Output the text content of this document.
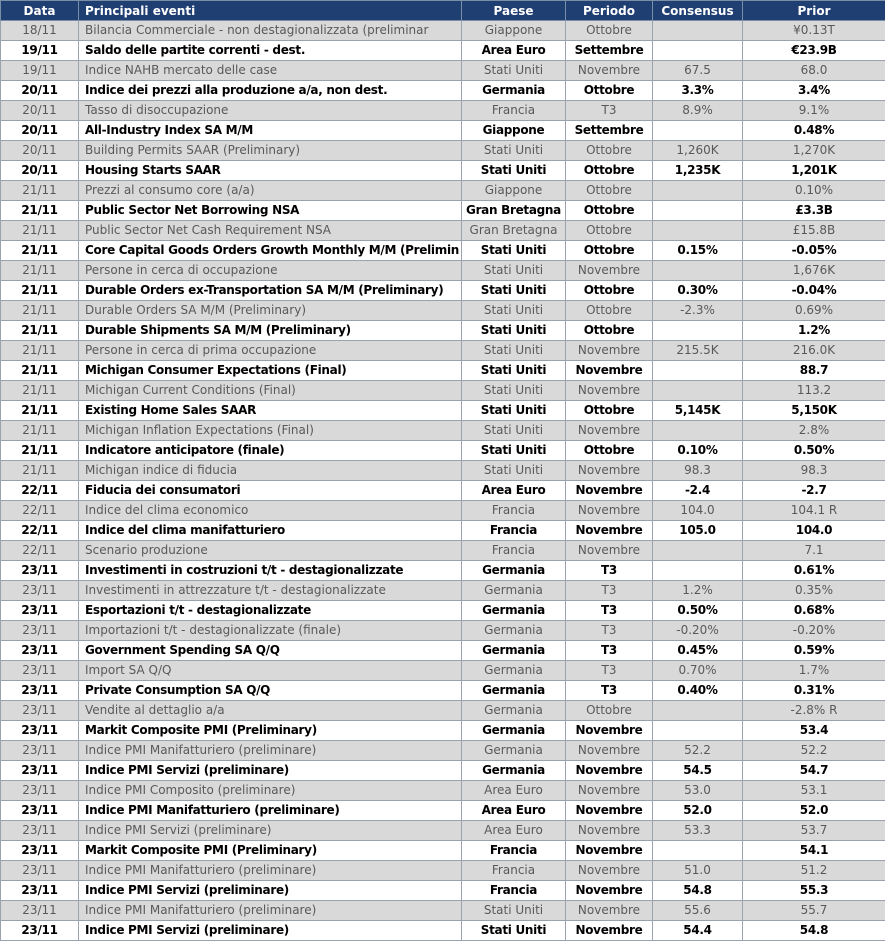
Data	Principali eventi	Paese	Periodo	Consensus	Prior
18/11	Bilancia Commerciale - non destagionalizzata (preliminar	Giappone	Ottobre		¥0.13T
19/11	Saldo delle partite correnti - dest.	Area Euro	Settembre		€23.9B
19/11	Indice NAHB mercato delle case	Stati Uniti	Novembre	67.5	68.0
20/11	Indice dei prezzi alla produzione a/a, non dest.	Germania	Ottobre	3.3%	3.4%
20/11	Tasso di disoccupazione	Francia	T3	8.9%	9.1%
20/11	All-Industry Index SA M/M	Giappone	Settembre		0.48%
20/11	Building Permits SAAR (Preliminary)	Stati Uniti	Ottobre	1,260K	1,270K
20/11	Housing Starts SAAR	Stati Uniti	Ottobre	1,235K	1,201K
21/11	Prezzi al consumo core (a/a)	Giappone	Ottobre		0.10%
21/11	Public Sector Net Borrowing NSA	Gran Bretagna	Ottobre		£3.3B
21/11	Public Sector Net Cash Requirement NSA	Gran Bretagna	Ottobre		£15.8B
21/11	Core Capital Goods Orders Growth Monthly M/M (Prelimin	Stati Uniti	Ottobre	0.15%	-0.05%
21/11	Persone in cerca di occupazione	Stati Uniti	Novembre		1,676K
21/11	Durable Orders ex-Transportation SA M/M (Preliminary)	Stati Uniti	Ottobre	0.30%	-0.04%
21/11	Durable Orders SA M/M (Preliminary)	Stati Uniti	Ottobre	-2.3%	0.69%
21/11	Durable Shipments SA M/M (Preliminary)	Stati Uniti	Ottobre		1.2%
21/11	Persone in cerca di prima occupazione	Stati Uniti	Novembre	215.5K	216.0K
21/11	Michigan Consumer Expectations (Final)	Stati Uniti	Novembre		88.7
21/11	Michigan Current Conditions (Final)	Stati Uniti	Novembre		113.2
21/11	Existing Home Sales SAAR	Stati Uniti	Ottobre	5,145K	5,150K
21/11	Michigan Inflation Expectations (Final)	Stati Uniti	Novembre		2.8%
21/11	Indicatore anticipatore (finale)	Stati Uniti	Ottobre	0.10%	0.50%
21/11	Michigan indice di fiducia	Stati Uniti	Novembre	98.3	98.3
22/11	Fiducia dei consumatori	Area Euro	Novembre	-2.4	-2.7
22/11	Indice del clima economico	Francia	Novembre	104.0	104.1 R
22/11	Indice del clima manifatturiero	Francia	Novembre	105.0	104.0
22/11	Scenario produzione	Francia	Novembre		7.1
23/11	Investimenti in costruzioni t/t - destagionalizzate	Germania	T3		0.61%
23/11	Investimenti in attrezzature t/t - destagionalizzate	Germania	T3	1.2%	0.35%
23/11	Esportazioni t/t - destagionalizzate	Germania	T3	0.50%	0.68%
23/11	Importazioni t/t - destagionalizzate (finale)	Germania	T3	-0.20%	-0.20%
23/11	Government Spending SA Q/Q	Germania	T3	0.45%	0.59%
23/11	Import SA Q/Q	Germania	T3	0.70%	1.7%
23/11	Private Consumption SA Q/Q	Germania	T3	0.40%	0.31%
23/11	Vendite al dettaglio a/a	Germania	Ottobre		-2.8% R
23/11	Markit Composite PMI (Preliminary)	Germania	Novembre		53.4
23/11	Indice PMI Manifatturiero (preliminare)	Germania	Novembre	52.2	52.2
23/11	Indice PMI Servizi (preliminare)	Germania	Novembre	54.5	54.7
23/11	Indice PMI Composito (preliminare)	Area Euro	Novembre	53.0	53.1
23/11	Indice PMI Manifatturiero (preliminare)	Area Euro	Novembre	52.0	52.0
23/11	Indice PMI Servizi (preliminare)	Area Euro	Novembre	53.3	53.7
23/11	Markit Composite PMI (Preliminary)	Francia	Novembre		54.1
23/11	Indice PMI Manifatturiero (preliminare)	Francia	Novembre	51.0	51.2
23/11	Indice PMI Servizi (preliminare)	Francia	Novembre	54.8	55.3
23/11	Indice PMI Manifatturiero (preliminare)	Stati Uniti	Novembre	55.6	55.7
23/11	Indice PMI Servizi (preliminare)	Stati Uniti	Novembre	54.4	54.8
